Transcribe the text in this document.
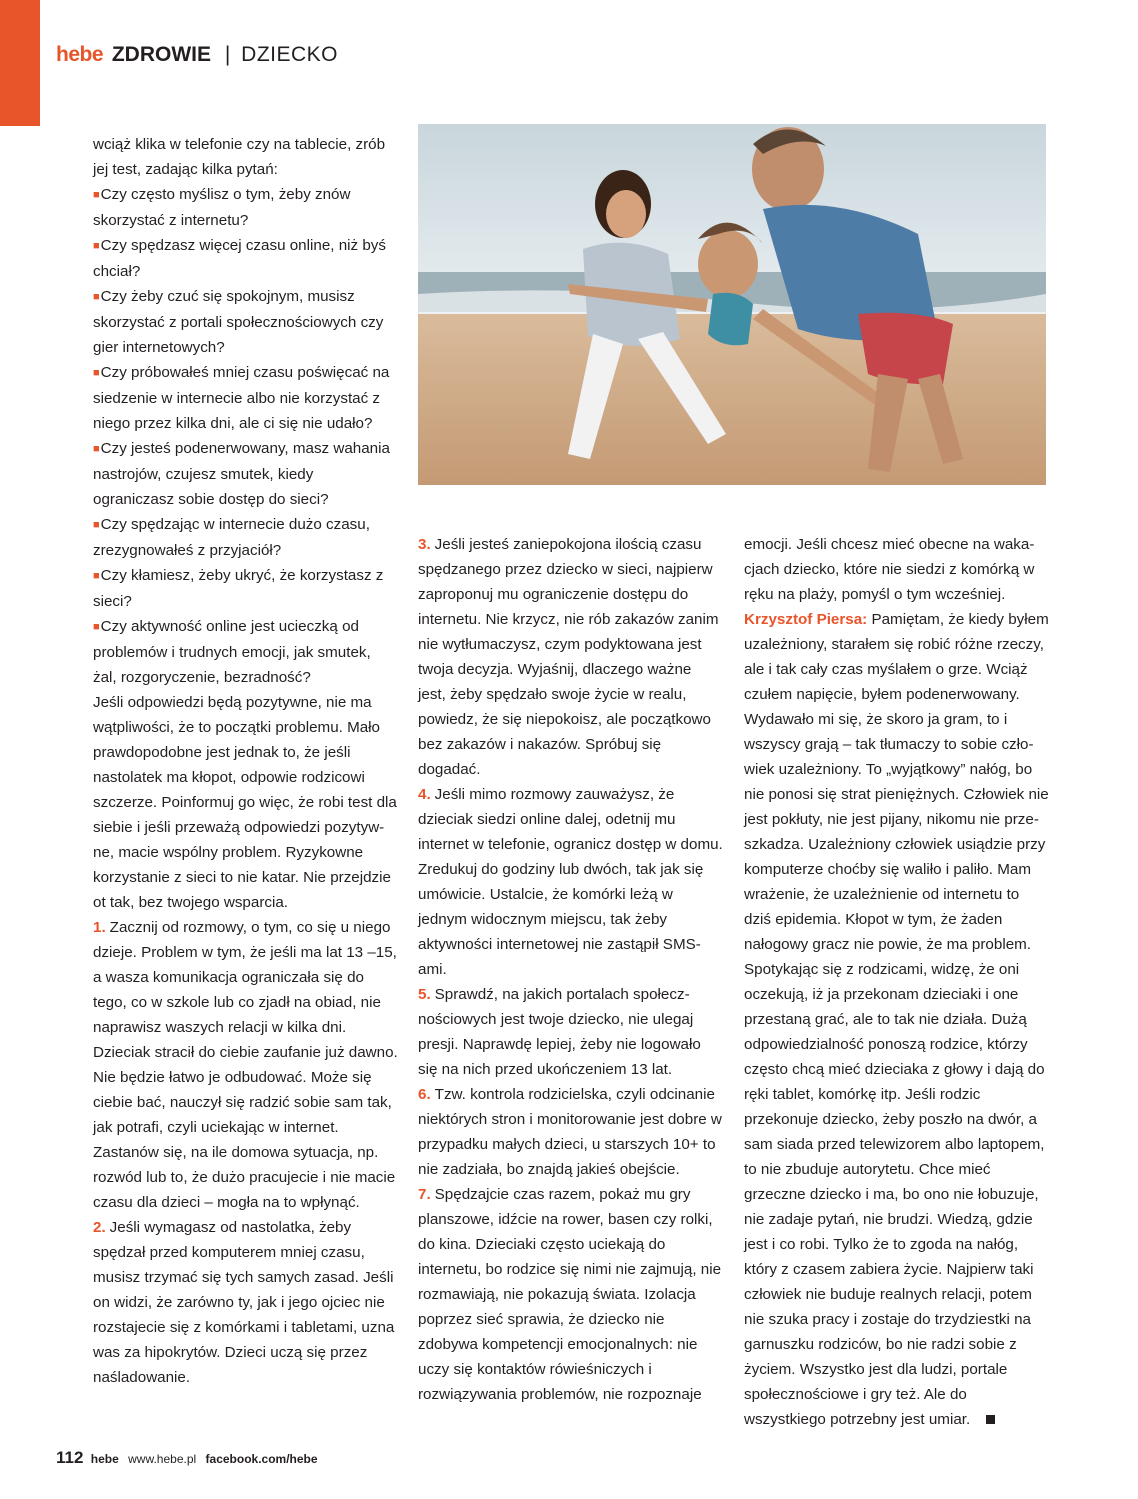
hebe ZDROWIE | DZIECKO

wciąż klika w telefonie czy na tablecie, zrób jej test, zadając kilka pytań:

■Czy często myślisz o tym, żeby znów skorzystać z internetu?

■Czy spędzasz więcej czasu online, niż byś chciał?

■Czy żeby czuć się spokojnym, musisz skorzystać z portali społecznościowych czy gier internetowych?

■Czy próbowałeś mniej czasu poświęcać na siedzenie w internecie albo nie korzystać z niego przez kilka dni, ale ci się nie udało?

■Czy jesteś podenerwowany, masz wahania nastrojów, czujesz smutek, kiedy ograniczasz sobie dostęp do sieci?

■Czy spędzając w internecie dużo czasu, zrezygnowałeś z przyjaciół?

■Czy kłamiesz, żeby ukryć, że korzystasz z sieci?

■Czy aktywność online jest ucieczką od problemów i trudnych emocji, jak smutek, żal, rozgoryczenie, bezradność?

Jeśli odpowiedzi będą pozytywne, nie ma wątpliwości, że to początki problemu. Mało prawdopodobne jest jednak to, że jeśli nastolatek ma kłopot, odpowie rodzicowi szczerze. Poinformuj go więc, że robi test dla siebie i jeśli przeważą odpowiedzi pozytywne, macie wspólny problem. Ryzykowne korzystanie z sieci to nie katar. Nie przejdzie ot tak, bez twojego wsparcia.

1. Zacznij od rozmowy, o tym, co się u niego dzieje. Problem w tym, że jeśli ma lat 13 –15, a wasza komunikacja ograniczała się do tego, co w szkole lub co zjadł na obiad, nie naprawisz waszych relacji w kilka dni. Dzieciak stracił do ciebie zaufanie już dawno. Nie będzie łatwo je odbudować. Może się ciebie bać, nauczył się radzić sobie sam tak, jak potrafi, czyli uciekając w internet. Zastanów się, na ile domowa sytuacja, np. rozwód lub to, że dużo pracujecie i nie macie czasu dla dzieci – mogła na to wpłynąć.

2. Jeśli wymagasz od nastolatka, żeby spędzał przed komputerem mniej czasu, musisz trzymać się tych samych zasad. Jeśli on widzi, że zarówno ty, jak i jego ojciec nie rozstajecie się z komórkami i tabletami, uzna was za hipokrytów. Dzieci uczą się przez naśladowanie.

3. Jeśli jesteś zaniepokojona ilością czasu spędzanego przez dziecko w sieci, najpierw zaproponuj mu ograniczenie dostępu do internetu. Nie krzycz, nie rób zakazów zanim nie wytłumaczysz, czym podyktowana jest twoja decyzja. Wyjaśnij, dlaczego ważne jest, żeby spędzało swoje życie w realu, powiedz, że się niepokoisz, ale początkowo bez zakazów i nakazów. Spróbuj się dogadać.

4. Jeśli mimo rozmowy zauważysz, że dzieciak siedzi online dalej, odetnij mu internet w telefonie, ogranicz dostęp w domu. Zredukuj do godziny lub dwóch, tak jak się umówicie. Ustalcie, że komórki leżą w jednym widocznym miejscu, tak żeby aktywności internetowej nie zastąpił SMS-ami.

5. Sprawdź, na jakich portalach społecznościowych jest twoje dziecko, nie ulegaj presji. Naprawdę lepiej, żeby nie logowało się na nich przed ukończeniem 13 lat.

6. Tzw. kontrola rodzicielska, czyli odcinanie niektórych stron i monitorowanie jest dobre w przypadku małych dzieci, u starszych 10+ to nie zadziała, bo znajdą jakieś obejście.

7. Spędzajcie czas razem, pokaż mu gry planszowe, idźcie na rower, basen czy rolki, do kina. Dzieciaki często uciekają do internetu, bo rodzice się nimi nie zajmują, nie rozmawiają, nie pokazują świata. Izolacja poprzez sieć sprawia, że dziecko nie zdobywa kompetencji emocjonalnych: nie uczy się kontaktów rówieśniczych i rozwiązywania problemów, nie rozpoznaje

emocji. Jeśli chcesz mieć obecne na wakacjach dziecko, które nie siedzi z komórką w ręku na plaży, pomyśl o tym wcześniej.

Krzysztof Piersa: Pamiętam, że kiedy byłem uzależniony, starałem się robić różne rzeczy, ale i tak cały czas myślałem o grze. Wciąż czułem napięcie, byłem podenerwowany. Wydawało mi się, że skoro ja gram, to i wszyscy grają – tak tłumaczy to sobie człowiek uzależniony. To „wyjątkowy” nałóg, bo nie ponosi się strat pieniężnych. Człowiek nie jest pokłuty, nie jest pijany, nikomu nie przeszkadza. Uzależniony człowiek usiądzie przy komputerze choćby się waliło i paliło. Mam wrażenie, że uzależnienie od internetu to dziś epidemia. Kłopot w tym, że żaden nałogowy gracz nie powie, że ma problem. Spotykając się z rodzicami, widzę, że oni oczekują, iż ja przekonam dzieciaki i one przestaną grać, ale to tak nie działa. Dużą odpowiedzialność ponoszą rodzice, którzy często chcą mieć dzieciaka z głowy i dają do ręki tablet, komórkę itp. Jeśli rodzic przekonuje dziecko, żeby poszło na dwór, a sam siada przed telewizorem albo laptopem, to nie zbuduje autorytetu. Chce mieć grzeczne dziecko i ma, bo ono nie łobuzuje, nie zadaje pytań, nie brudzi. Wiedzą, gdzie jest i co robi. Tylko że to zgoda na nałóg, który z czasem zabiera życie. Najpierw taki człowiek nie buduje realnych relacji, potem nie szuka pracy i zostaje do trzydziestki na garnuszku rodziców, bo nie radzi sobie z życiem. Wszystko jest dla ludzi, portale społecznościowe i gry też. Ale do wszystkiego potrzebny jest umiar.

112 hebe www.hebe.pl facebook.com/hebe
